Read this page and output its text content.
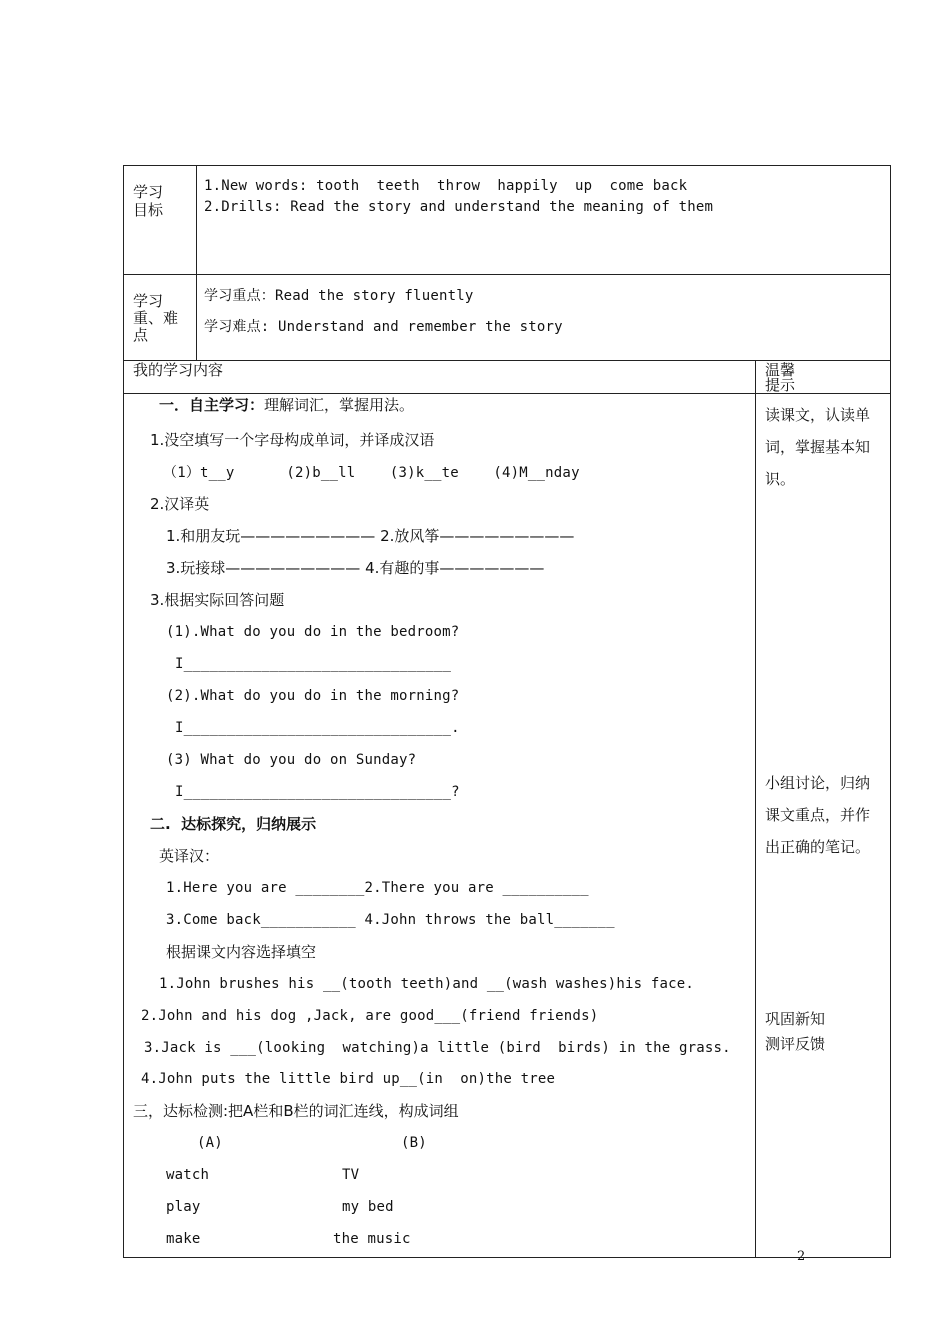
学习
目标
1.New words: tooth  teeth  throw  happily  up  come back
2.Drills: Read the story and understand the meaning of them
学习
重、难
点
学习重点：Read the story fluently
学习难点: Understand and remember the story
我的学习内容	温馨
提示
一．自主学习：理解词汇，掌握用法。
1.没空填写一个字母构成单词，并译成汉语
（1）t__y      (2)b__ll    (3)k__te    (4)M__nday
2.汉译英
1.和朋友玩————————— 2.放风筝—————————
3.玩接球————————— 4.有趣的事———————
3.根据实际回答问题
(1).What do you do in the bedroom?
I_______________________________
(2).What do you do in the morning?
I_______________________________.
(3) What do you do on Sunday?
I_______________________________?
二.  达标探究，归纳展示
英译汉：
1.Here you are ________2.There you are __________
3.Come back___________ 4.John throws the ball_______
根据课文内容选择填空
1.John brushes his __(tooth teeth)and __(wash washes)his face.
2.John and his dog ,Jack, are good___(friend friends)
3.Jack is ___(looking  watching)a little (bird  birds) in the grass.
4.John puts the little bird up__(in  on)the tree
三，达标检测:把A栏和B栏的词汇连线，构成词组
(A)	(B)
watch
play
make
TV
my bed
the music
读课文，认读单
词，掌握基本知
识。
小组讨论，归纳
课文重点，并作
出正确的笔记。
巩固新知
测评反馈
2
